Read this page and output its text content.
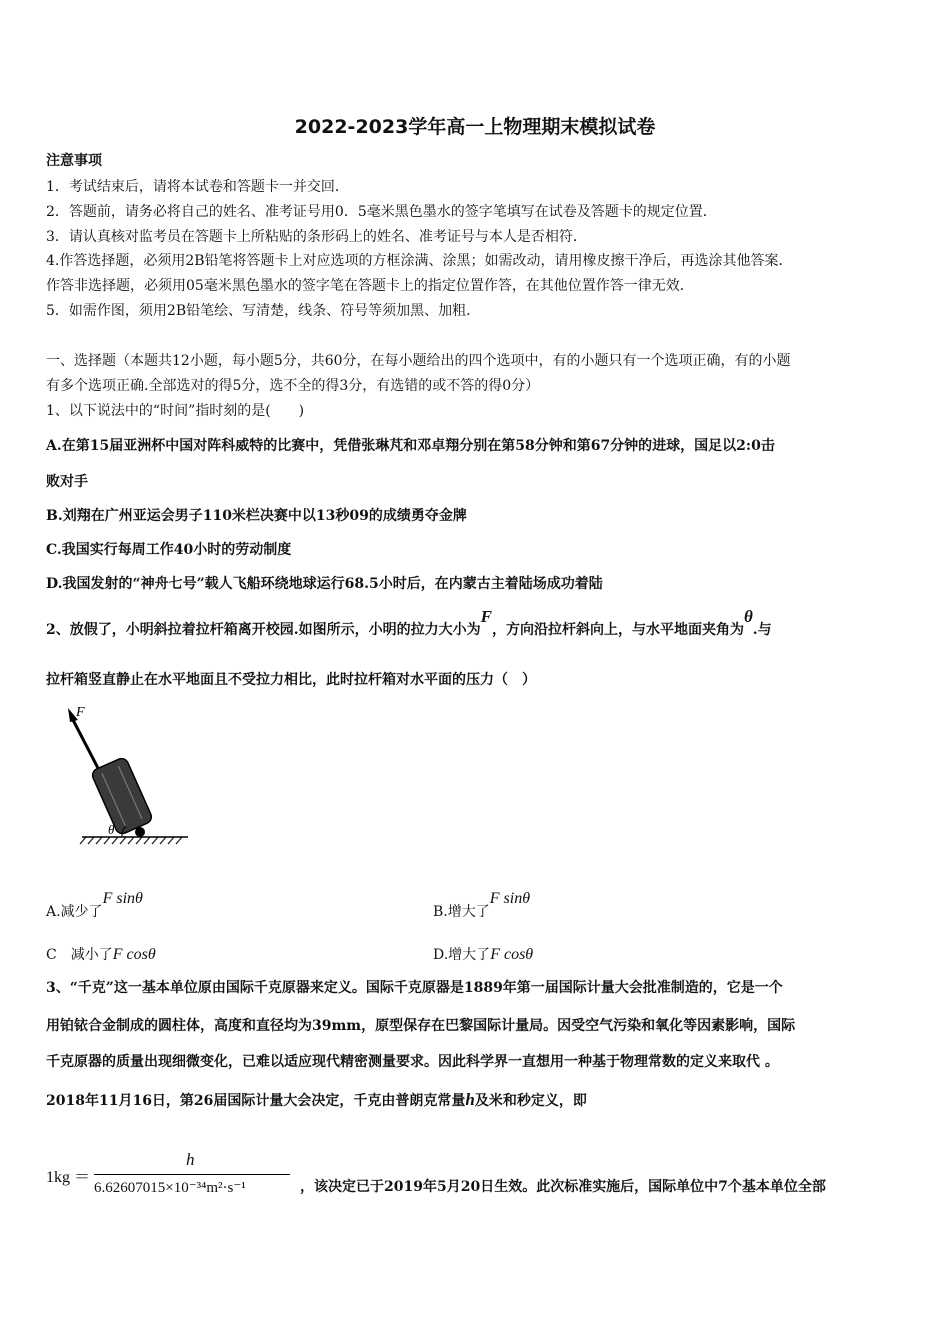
2022-2023学年高一上物理期末模拟试卷
注意事项
1．考试结束后，请将本试卷和答题卡一并交回．
2．答题前，请务必将自己的姓名、准考证号用0．5毫米黑色墨水的签字笔填写在试卷及答题卡的规定位置．
3．请认真核对监考员在答题卡上所粘贴的条形码上的姓名、准考证号与本人是否相符．
4.作答选择题，必须用2B铅笔将答题卡上对应选项的方框涂满、涂黑；如需改动，请用橡皮擦干净后，再选涂其他答案．
作答非选择题，必须用05毫米黑色墨水的签字笔在答题卡上的指定位置作答，在其他位置作答一律无效．
5．如需作图，须用2B铅笔绘、写清楚，线条、符号等须加黑、加粗．
一、选择题（本题共12小题，每小题5分，共60分，在每小题给出的四个选项中，有的小题只有一个选项正确，有的小题
有多个选项正确.全部选对的得5分，选不全的得3分，有选错的或不答的得0分）
1、以下说法中的“时间”指时刻的是(　　)
A.在第15届亚洲杯中国对阵科威特的比赛中，凭借张琳芃和邓卓翔分别在第58分钟和第67分钟的进球，国足以2:0击
败对手
B.刘翔在广州亚运会男子110米栏决赛中以13秒09的成绩勇夺金牌
C.我国实行每周工作40小时的劳动制度
D.我国发射的“神舟七号”载人飞船环绕地球运行68.5小时后，在内蒙古主着陆场成功着陆
2、放假了，小明斜拉着拉杆箱离开校园.如图所示，小明的拉力大小为F，方向沿拉杆斜向上，与水平地面夹角为θ.与
拉杆箱竖直静止在水平地面且不受拉力相比，此时拉杆箱对水平面的压力（　）
F
θ
A.减少了F sinθ
B.增大了F sinθ
C　减小了F cosθ	D.增大了F cosθ
3、“千克”这一基本单位原由国际千克原器来定义。国际千克原器是1889年第一届国际计量大会批准制造的，它是一个
用铂铱合金制成的圆柱体，高度和直径均为39mm，原型保存在巴黎国际计量局。因受空气污染和氧化等因素影响，国际
千克原器的质量出现细微变化，已难以适应现代精密测量要求。因此科学界一直想用一种基于物理常数的定义来取代 。
2018年11月16日，第26届国际计量大会决定，千克由普朗克常量h及米和秒定义，即
1kg ＝
h
6.62607015×10⁻³⁴m²·s⁻¹	，该决定已于2019年5月20日生效。此次标准实施后，国际单位中7个基本单位全部
